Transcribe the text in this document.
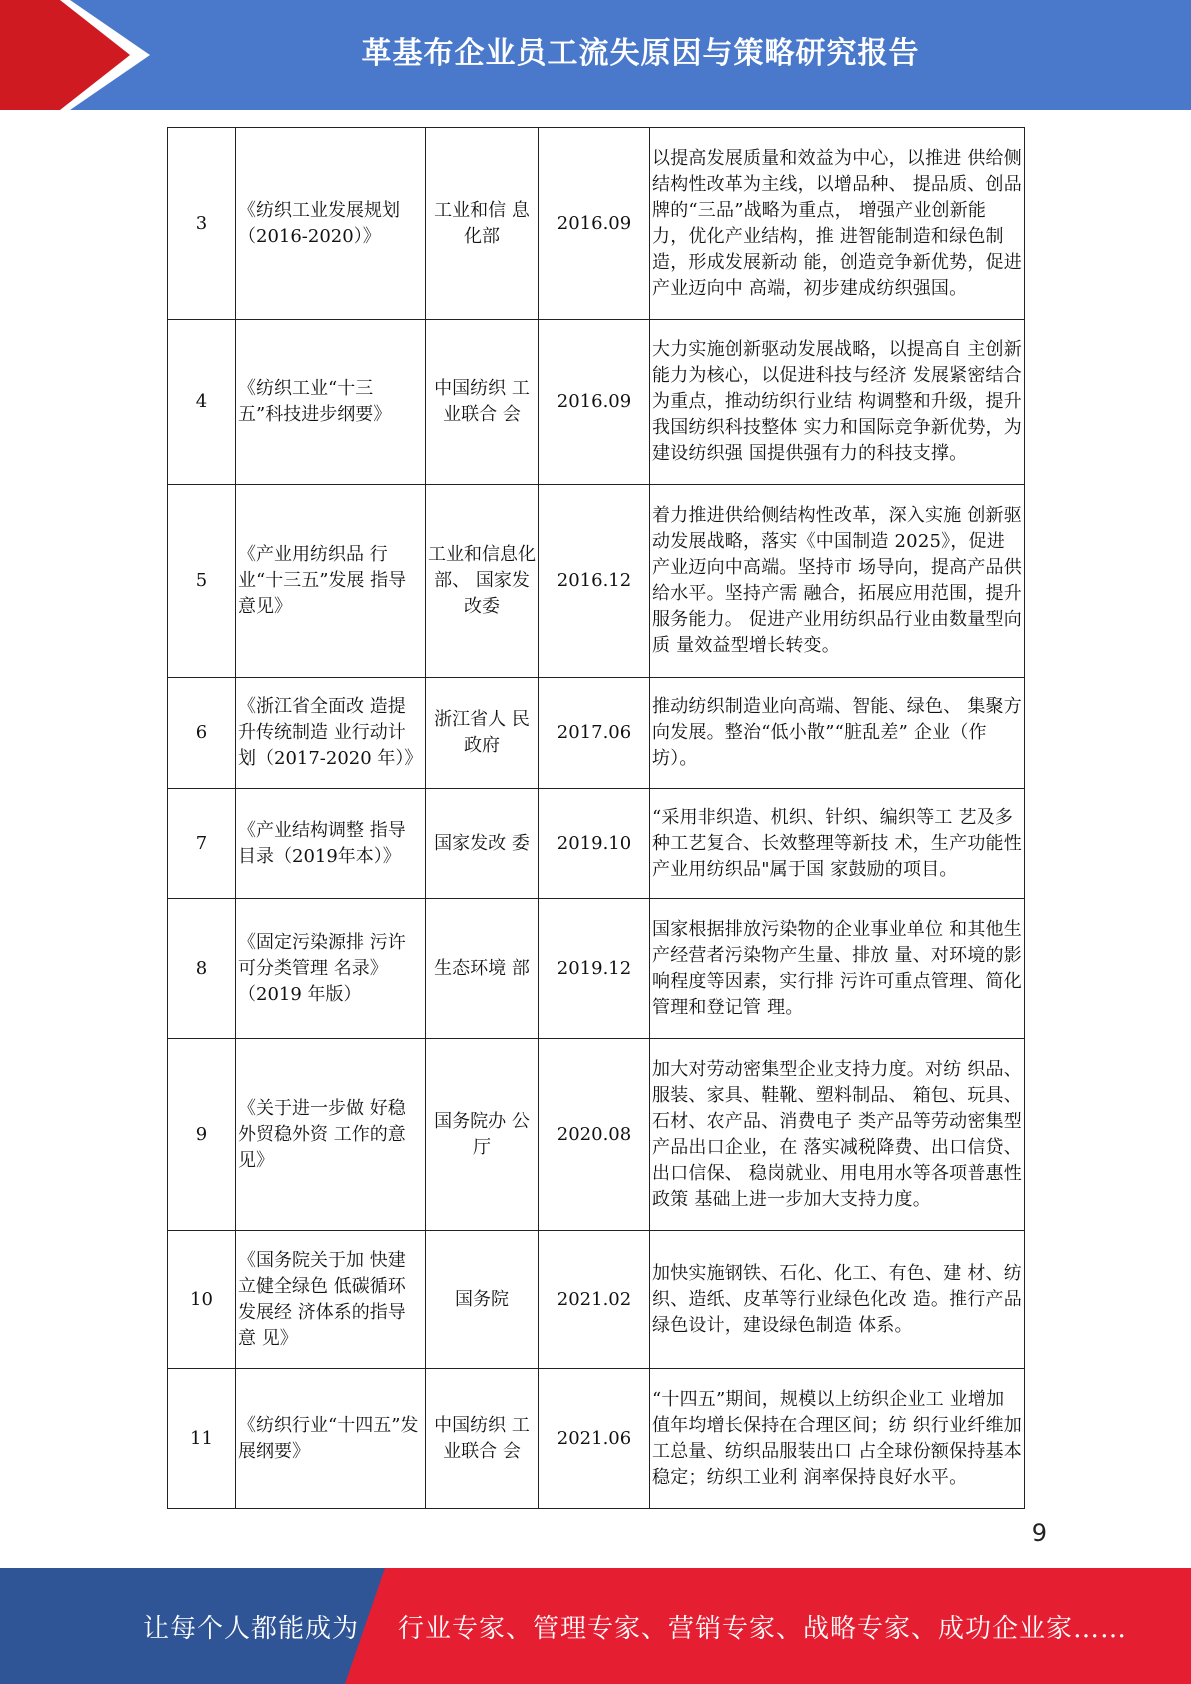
革基布企业员工流失原因与策略研究报告
3	《纺织工业发展规划（2016-2020）》	工业和信 息化部	2016.09	以提高发展质量和效益为中心，以推进 供给侧结构性改革为主线，以增品种、 提品质、创品牌的“三品”战略为重点， 增强产业创新能力，优化产业结构，推 进智能制造和绿色制造，形成发展新动 能，创造竞争新优势，促进产业迈向中 高端，初步建成纺织强国。
4	《纺织工业“十三 五”科技进步纲要》	中国纺织 工业联合 会	2016.09	大力实施创新驱动发展战略，以提高自 主创新能力为核心，以促进科技与经济 发展紧密结合为重点，推动纺织行业结 构调整和升级，提升我国纺织科技整体 实力和国际竞争新优势，为建设纺织强 国提供强有力的科技支撑。
5	《产业用纺织品 行业“十三五”发展 指导意见》	工业和信息化部、 国家发改委	2016.12	着力推进供给侧结构性改革，深入实施 创新驱动发展战略，落实《中国制造 2025》，促进产业迈向中高端。坚持市 场导向，提高产品供给水平。坚持产需 融合，拓展应用范围，提升服务能力。 促进产业用纺织品行业由数量型向质 量效益型增长转变。
6	《浙江省全面改 造提升传统制造 业行动计划（2017-2020 年）》	浙江省人 民政府	2017.06	推动纺织制造业向高端、智能、绿色、 集聚方向发展。整治“低小散”“脏乱差” 企业（作坊）。
7	《产业结构调整 指导目录（2019年本）》	国家发改 委	2019.10	“采用非织造、机织、针织、编织等工 艺及多种工艺复合、长效整理等新技 术，生产功能性产业用纺织品"属于国 家鼓励的项目。
8	《固定污染源排 污许可分类管理 名录》（2019 年版）	生态环境 部	2019.12	国家根据排放污染物的企业事业单位 和其他生产经营者污染物产生量、排放 量、对环境的影响程度等因素，实行排 污许可重点管理、简化管理和登记管 理。
9	《关于进一步做 好稳外贸稳外资 工作的意见》	国务院办 公厅	2020.08	加大对劳动密集型企业支持力度。对纺 织品、服装、家具、鞋靴、塑料制品、 箱包、玩具、石材、农产品、消费电子 类产品等劳动密集型产品出口企业，在 落实减税降费、出口信贷、出口信保、 稳岗就业、用电用水等各项普惠性政策 基础上进一步加大支持力度。
10	《国务院关于加 快建立健全绿色 低碳循环发展经 济体系的指导意 见》	国务院	2021.02	加快实施钢铁、石化、化工、有色、建 材、纺织、造纸、皮革等行业绿色化改 造。推行产品绿色设计，建设绿色制造 体系。
11	《纺织行业“十四五”发展纲要》	中国纺织 工业联合 会	2021.06	“十四五”期间，规模以上纺织企业工 业增加值年均增长保持在合理区间；纺 织行业纤维加工总量、纺织品服装出口 占全球份额保持基本稳定；纺织工业利 润率保持良好水平。
9
让每个人都能成为 行业专家、管理专家、营销专家、战略专家、成功企业家……
